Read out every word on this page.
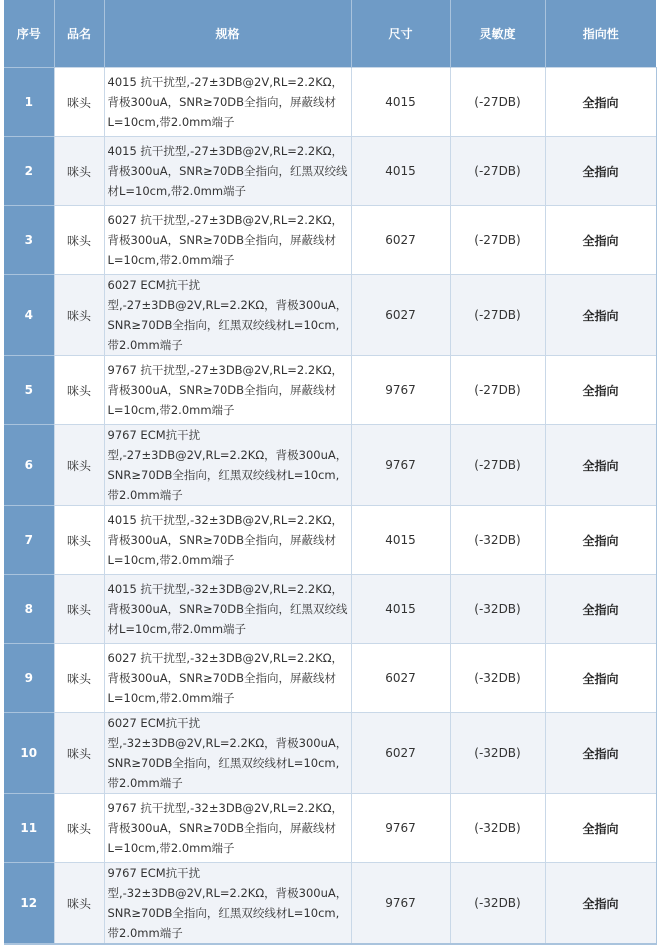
序号	品名	规格	尺寸	灵敏度	指向性
1	咪头	4015 抗干扰型,-27±3DB@2V,RL=2.2KΩ，背极300uA，SNR≥70DB全指向，屏蔽线材L=10cm,带2.0mm端子	4015	(-27DB)	全指向
2	咪头	4015 抗干扰型,-27±3DB@2V,RL=2.2KΩ，背极300uA，SNR≥70DB全指向，红黑双绞线材L=10cm,带2.0mm端子	4015	(-27DB)	全指向
3	咪头	6027 抗干扰型,-27±3DB@2V,RL=2.2KΩ，背极300uA，SNR≥70DB全指向，屏蔽线材L=10cm,带2.0mm端子	6027	(-27DB)	全指向
4	咪头	6027 ECM抗干扰型,-27±3DB@2V,RL=2.2KΩ，背极300uA，SNR≥70DB全指向，红黑双绞线材L=10cm,带2.0mm端子	6027	(-27DB)	全指向
5	咪头	9767 抗干扰型,-27±3DB@2V,RL=2.2KΩ，背极300uA，SNR≥70DB全指向，屏蔽线材L=10cm,带2.0mm端子	9767	(-27DB)	全指向
6	咪头	9767 ECM抗干扰型,-27±3DB@2V,RL=2.2KΩ，背极300uA，SNR≥70DB全指向，红黑双绞线材L=10cm,带2.0mm端子	9767	(-27DB)	全指向
7	咪头	4015 抗干扰型,-32±3DB@2V,RL=2.2KΩ，背极300uA，SNR≥70DB全指向，屏蔽线材L=10cm,带2.0mm端子	4015	(-32DB)	全指向
8	咪头	4015 抗干扰型,-32±3DB@2V,RL=2.2KΩ，背极300uA，SNR≥70DB全指向，红黑双绞线材L=10cm,带2.0mm端子	4015	(-32DB)	全指向
9	咪头	6027 抗干扰型,-32±3DB@2V,RL=2.2KΩ，背极300uA，SNR≥70DB全指向，屏蔽线材L=10cm,带2.0mm端子	6027	(-32DB)	全指向
10	咪头	6027 ECM抗干扰型,-32±3DB@2V,RL=2.2KΩ，背极300uA，SNR≥70DB全指向，红黑双绞线材L=10cm,带2.0mm端子	6027	(-32DB)	全指向
11	咪头	9767 抗干扰型,-32±3DB@2V,RL=2.2KΩ，背极300uA，SNR≥70DB全指向，屏蔽线材L=10cm,带2.0mm端子	9767	(-32DB)	全指向
12	咪头	9767 ECM抗干扰型,-32±3DB@2V,RL=2.2KΩ，背极300uA，SNR≥70DB全指向，红黑双绞线材L=10cm,带2.0mm端子	9767	(-32DB)	全指向
